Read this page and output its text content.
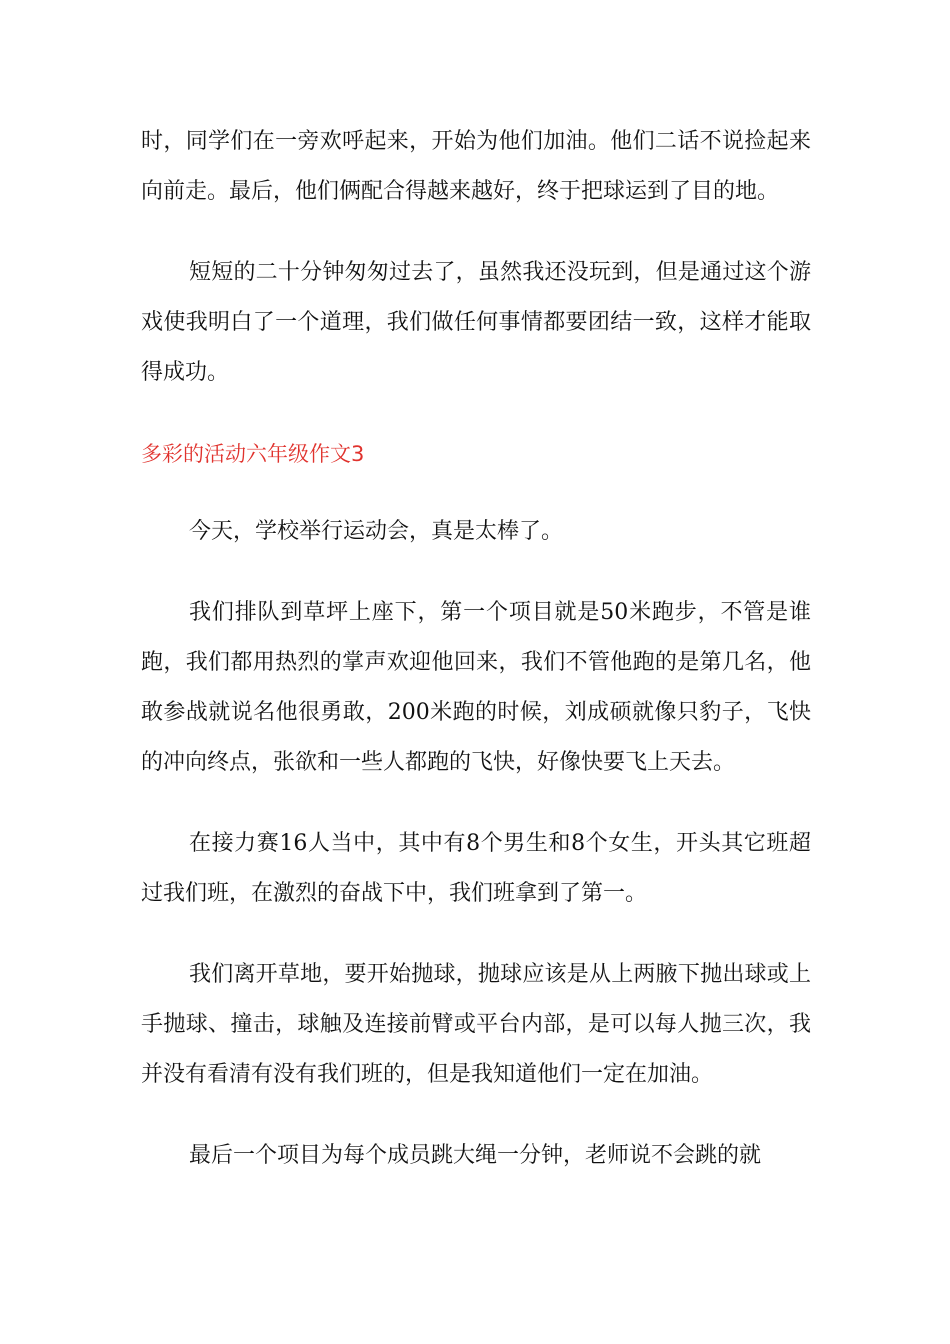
时，同学们在一旁欢呼起来，开始为他们加油。他们二话不说捡起来向前走。最后，他们俩配合得越来越好，终于把球运到了目的地。

短短的二十分钟匆匆过去了，虽然我还没玩到，但是通过这个游戏使我明白了一个道理，我们做任何事情都要团结一致，这样才能取得成功。

多彩的活动六年级作文3

今天，学校举行运动会，真是太棒了。

我们排队到草坪上座下，第一个项目就是50米跑步，不管是谁跑，我们都用热烈的掌声欢迎他回来，我们不管他跑的是第几名，他敢参战就说名他很勇敢，200米跑的时候，刘成硕就像只豹子，飞快的冲向终点，张欲和一些人都跑的飞快，好像快要飞上天去。

在接力赛16人当中，其中有8个男生和8个女生，开头其它班超过我们班，在激烈的奋战下中，我们班拿到了第一。

我们离开草地，要开始抛球，抛球应该是从上两腋下抛出球或上手抛球、撞击，球触及连接前臂或平台内部，是可以每人抛三次，我并没有看清有没有我们班的，但是我知道他们一定在加油。

最后一个项目为每个成员跳大绳一分钟，老师说不会跳的就
